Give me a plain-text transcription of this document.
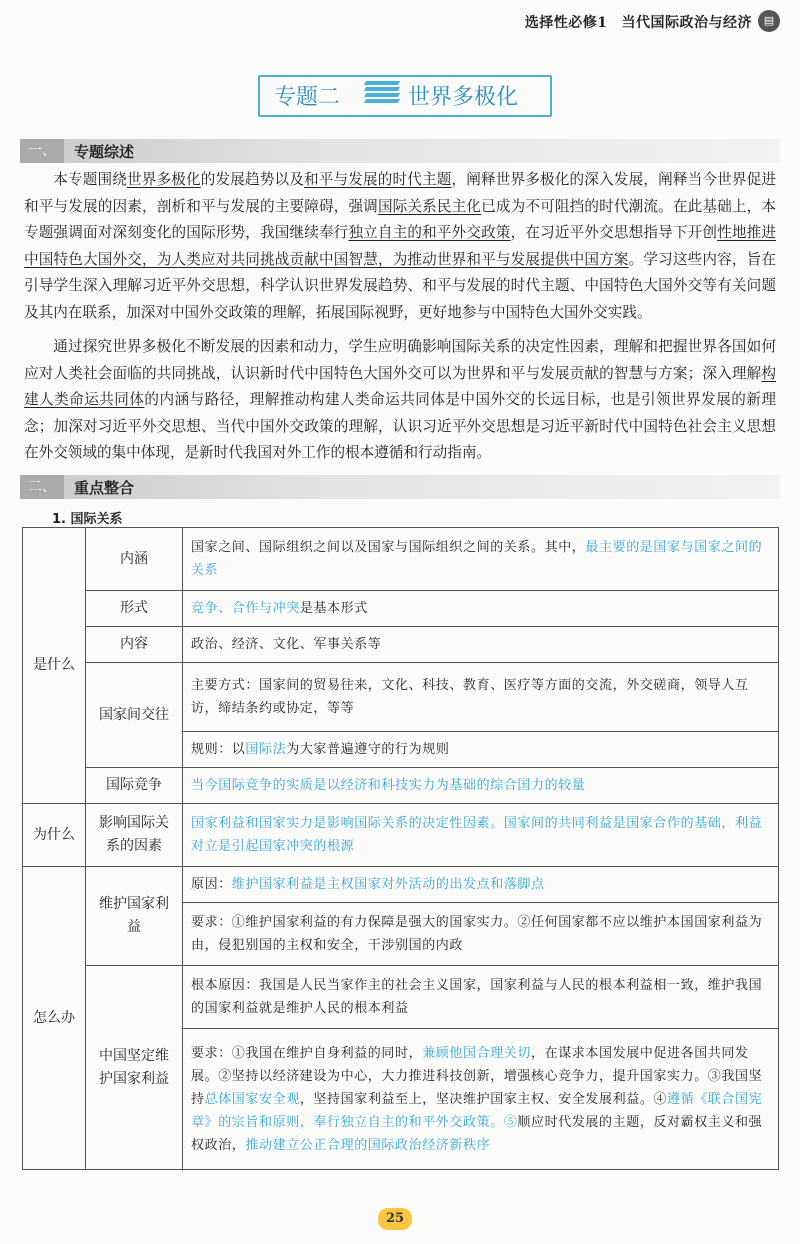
选择性必修1 当代国际政治与经济	▤
专题二	世界多极化
一、	专题综述
本专题围绕世界多极化的发展趋势以及和平与发展的时代主题，阐释世界多极化的深入发展，阐释当今世界促进和平与发展的因素，剖析和平与发展的主要障碍，强调国际关系民主化已成为不可阻挡的时代潮流。在此基础上，本专题强调面对深刻变化的国际形势，我国继续奉行独立自主的和平外交政策，在习近平外交思想指导下开创性地推进中国特色大国外交，为人类应对共同挑战贡献中国智慧，为推动世界和平与发展提供中国方案。学习这些内容，旨在引导学生深入理解习近平外交思想，科学认识世界发展趋势、和平与发展的时代主题、中国特色大国外交等有关问题及其内在联系，加深对中国外交政策的理解，拓展国际视野，更好地参与中国特色大国外交实践。
通过探究世界多极化不断发展的因素和动力，学生应明确影响国际关系的决定性因素，理解和把握世界各国如何应对人类社会面临的共同挑战，认识新时代中国特色大国外交可以为世界和平与发展贡献的智慧与方案；深入理解构建人类命运共同体的内涵与路径，理解推动构建人类命运共同体是中国外交的长远目标，也是引领世界发展的新理念；加深对习近平外交思想、当代中国外交政策的理解，认识习近平外交思想是习近平新时代中国特色社会主义思想在外交领域的集中体现，是新时代我国对外工作的根本遵循和行动指南。
二、	重点整合
1. 国际关系
是什么	内涵	国家之间、国际组织之间以及国家与国际组织之间的关系。其中，最主要的是国家与国家之间的关系
	形式	竞争、合作与冲突是基本形式
	内容	政治、经济、文化、军事关系等
	国家间交往	主要方式：国家间的贸易往来，文化、科技、教育、医疗等方面的交流，外交磋商，领导人互访，缔结条约或协定，等等
		规则：以国际法为大家普遍遵守的行为规则
	国际竞争	当今国际竞争的实质是以经济和科技实力为基础的综合国力的较量
为什么	影响国际关系的因素	国家利益和国家实力是影响国际关系的决定性因素。国家间的共同利益是国家合作的基础，利益对立是引起国家冲突的根源
怎么办	维护国家利益	原因：维护国家利益是主权国家对外活动的出发点和落脚点
		要求：①维护国家利益的有力保障是强大的国家实力。②任何国家都不应以维护本国国家利益为由，侵犯别国的主权和安全，干涉别国的内政
	中国坚定维护国家利益	根本原因：我国是人民当家作主的社会主义国家，国家利益与人民的根本利益相一致，维护我国的国家利益就是维护人民的根本利益
		要求：①我国在维护自身利益的同时，兼顾他国合理关切，在谋求本国发展中促进各国共同发展。②坚持以经济建设为中心，大力推进科技创新，增强核心竞争力，提升国家实力。③我国坚持总体国家安全观，坚持国家利益至上，坚决维护国家主权、安全发展利益。④遵循《联合国宪章》的宗旨和原则，奉行独立自主的和平外交政策。⑤顺应时代发展的主题，反对霸权主义和强权政治，推动建立公正合理的国际政治经济新秩序
25
